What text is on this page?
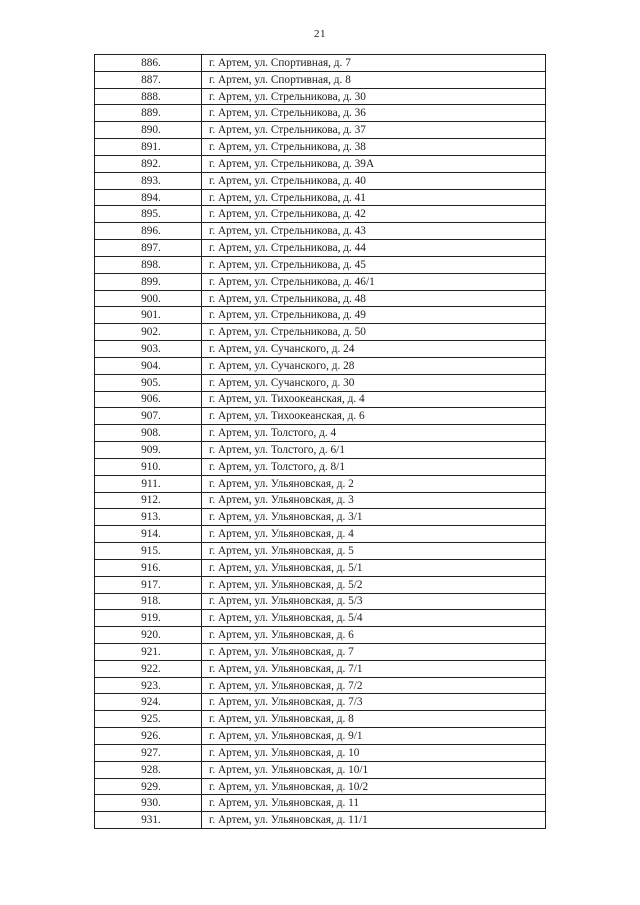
21
886.	г. Артем, ул. Спортивная, д. 7
887.	г. Артем, ул. Спортивная, д. 8
888.	г. Артем, ул. Стрельникова, д. 30
889.	г. Артем, ул. Стрельникова, д. 36
890.	г. Артем, ул. Стрельникова, д. 37
891.	г. Артем, ул. Стрельникова, д. 38
892.	г. Артем, ул. Стрельникова, д. 39А
893.	г. Артем, ул. Стрельникова, д. 40
894.	г. Артем, ул. Стрельникова, д. 41
895.	г. Артем, ул. Стрельникова, д. 42
896.	г. Артем, ул. Стрельникова, д. 43
897.	г. Артем, ул. Стрельникова, д. 44
898.	г. Артем, ул. Стрельникова, д. 45
899.	г. Артем, ул. Стрельникова, д. 46/1
900.	г. Артем, ул. Стрельникова, д. 48
901.	г. Артем, ул. Стрельникова, д. 49
902.	г. Артем, ул. Стрельникова, д. 50
903.	г. Артем, ул. Сучанского, д. 24
904.	г. Артем, ул. Сучанского, д. 28
905.	г. Артем, ул. Сучанского, д. 30
906.	г. Артем, ул. Тихоокеанская, д. 4
907.	г. Артем, ул. Тихоокеанская, д. 6
908.	г. Артем, ул. Толстого, д. 4
909.	г. Артем, ул. Толстого, д. 6/1
910.	г. Артем, ул. Толстого, д. 8/1
911.	г. Артем, ул. Ульяновская, д. 2
912.	г. Артем, ул. Ульяновская, д. 3
913.	г. Артем, ул. Ульяновская, д. 3/1
914.	г. Артем, ул. Ульяновская, д. 4
915.	г. Артем, ул. Ульяновская, д. 5
916.	г. Артем, ул. Ульяновская, д. 5/1
917.	г. Артем, ул. Ульяновская, д. 5/2
918.	г. Артем, ул. Ульяновская, д. 5/3
919.	г. Артем, ул. Ульяновская, д. 5/4
920.	г. Артем, ул. Ульяновская, д. 6
921.	г. Артем, ул. Ульяновская, д. 7
922.	г. Артем, ул. Ульяновская, д. 7/1
923.	г. Артем, ул. Ульяновская, д. 7/2
924.	г. Артем, ул. Ульяновская, д. 7/3
925.	г. Артем, ул. Ульяновская, д. 8
926.	г. Артем, ул. Ульяновская, д. 9/1
927.	г. Артем, ул. Ульяновская, д. 10
928.	г. Артем, ул. Ульяновская, д. 10/1
929.	г. Артем, ул. Ульяновская, д. 10/2
930.	г. Артем, ул. Ульяновская, д. 11
931.	г. Артем, ул. Ульяновская, д. 11/1
